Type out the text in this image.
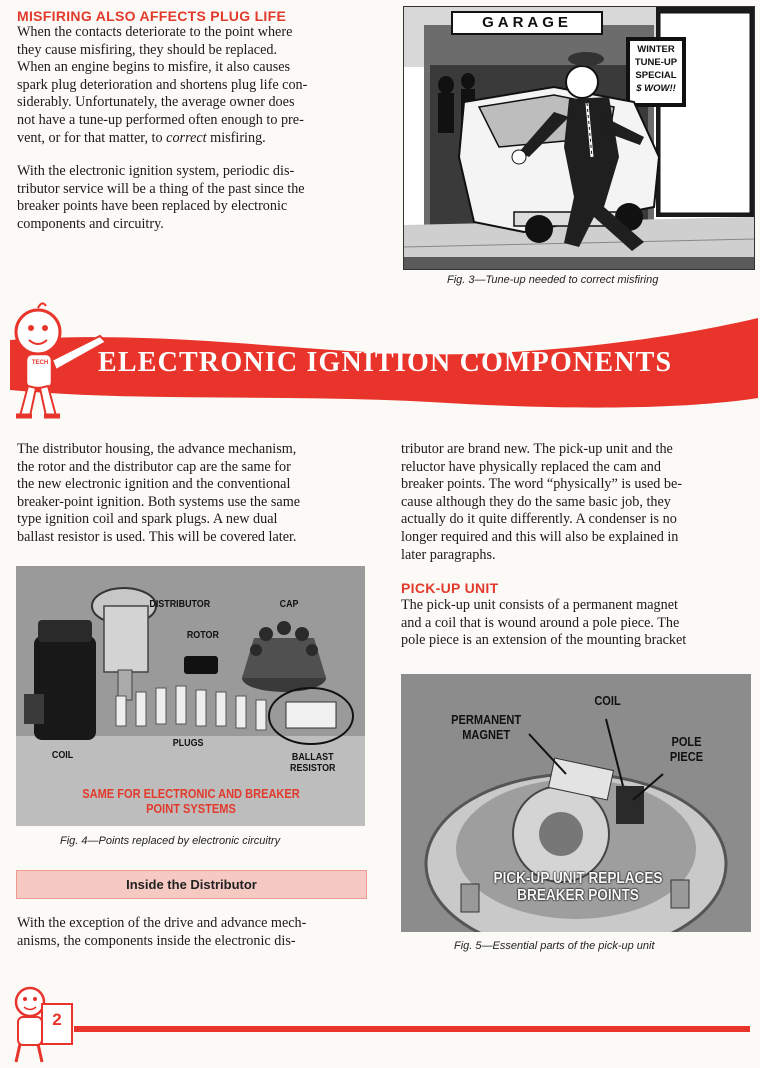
MISFIRING ALSO AFFECTS PLUG LIFE
When the contacts deteriorate to the point where
they cause misfiring, they should be replaced.
When an engine begins to misfire, it also causes
spark plug deterioration and shortens plug life con-
siderably. Unfortunately, the average owner does
not have a tune-up performed often enough to pre-
vent, or for that matter, to correct misfiring.
With the electronic ignition system, periodic dis-
tributor service will be a thing of the past since the
breaker points have been replaced by electronic
components and circuitry.
GARAGE
WINTER
TUNE-UP
SPECIAL
$ WOW!!
Fig. 3—Tune-up needed to correct misfiring
TECH ELECTRONIC IGNITION COMPONENTS
The distributor housing, the advance mechanism,
the rotor and the distributor cap are the same for
the new electronic ignition and the conventional
breaker-point ignition. Both systems use the same
type ignition coil and spark plugs. A new dual
ballast resistor is used. This will be covered later.
tributor are brand new. The pick-up unit and the
reluctor have physically replaced the cam and
breaker points. The word “physically” is used be-
cause although they do the same basic job, they
actually do it quite differently. A condenser is no
longer required and this will also be explained in
later paragraphs.
DISTRIBUTOR	CAP
ROTOR
COIL
PLUGS
BALLAST
RESISTOR
SAME FOR ELECTRONIC AND BREAKER
POINT SYSTEMS
Fig. 4—Points replaced by electronic circuitry
Inside the Distributor
With the exception of the drive and advance mech-
anisms, the components inside the electronic dis-
PICK-UP UNIT
The pick-up unit consists of a permanent magnet
and a coil that is wound around a pole piece. The
pole piece is an extension of the mounting bracket
COIL
PERMANENT
MAGNET	POLE
PIECE
PICK-UP UNIT REPLACES
BREAKER POINTS
Fig. 5—Essential parts of the pick-up unit
2
